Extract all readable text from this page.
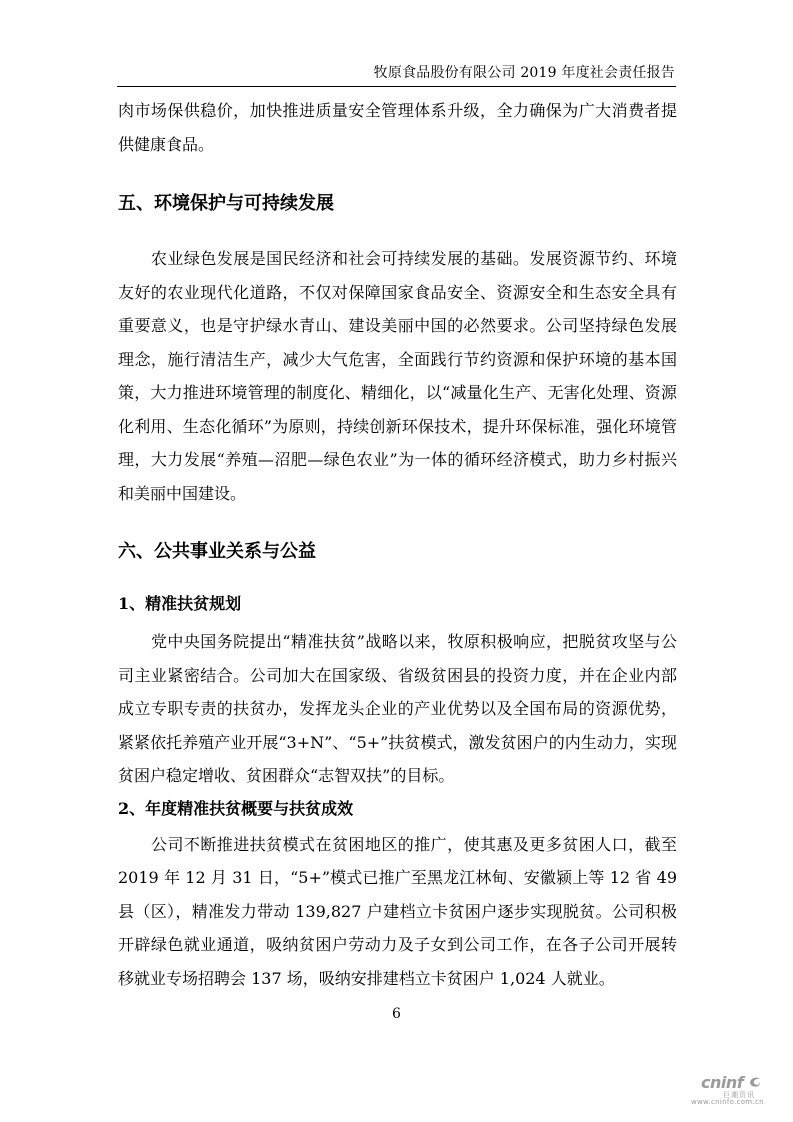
牧原食品股份有限公司 2019 年度社会责任报告

肉市场保供稳价，加快推进质量安全管理体系升级，全力确保为广大消费者提供健康食品。

五、环境保护与可持续发展

农业绿色发展是国民经济和社会可持续发展的基础。发展资源节约、环境友好的农业现代化道路，不仅对保障国家食品安全、资源安全和生态安全具有重要意义，也是守护绿水青山、建设美丽中国的必然要求。公司坚持绿色发展理念，施行清洁生产，减少大气危害，全面践行节约资源和保护环境的基本国策，大力推进环境管理的制度化、精细化，以“减量化生产、无害化处理、资源化利用、生态化循环”为原则，持续创新环保技术，提升环保标准，强化环境管理，大力发展“养殖—沼肥—绿色农业”为一体的循环经济模式，助力乡村振兴和美丽中国建设。

六、公共事业关系与公益
1、精准扶贫规划

党中央国务院提出“精准扶贫”战略以来，牧原积极响应，把脱贫攻坚与公司主业紧密结合。公司加大在国家级、省级贫困县的投资力度，并在企业内部成立专职专责的扶贫办，发挥龙头企业的产业优势以及全国布局的资源优势，紧紧依托养殖产业开展“3+N”、“5+”扶贫模式，激发贫困户的内生动力，实现贫困户稳定增收、贫困群众“志智双扶”的目标。

2、年度精准扶贫概要与扶贫成效

公司不断推进扶贫模式在贫困地区的推广，使其惠及更多贫困人口，截至 2019 年 12 月 31 日，“5+”模式已推广至黑龙江林甸、安徽颍上等 12 省 49 县（区），精准发力带动 139,827 户建档立卡贫困户逐步实现脱贫。公司积极开辟绿色就业通道，吸纳贫困户劳动力及子女到公司工作，在各子公司开展转移就业专场招聘会 137 场，吸纳安排建档立卡贫困户 1,024 人就业。

6
cninf
巨潮资讯
www.cninfo.com.cn
